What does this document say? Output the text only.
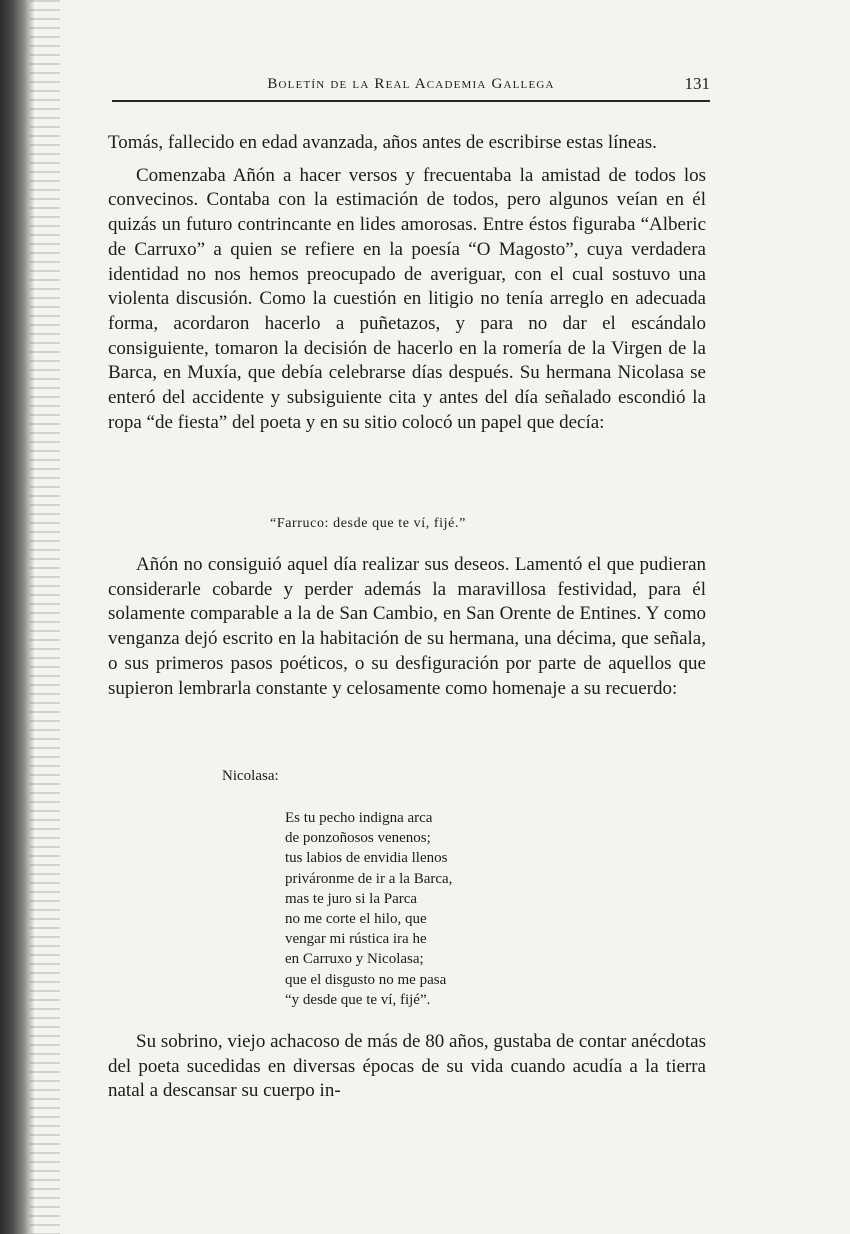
Boletín de la Real Academia Gallega	131

Tomás, fallecido en edad avanzada, años antes de escribirse estas líneas.

Comenzaba Añón a hacer versos y frecuentaba la amistad de todos los convecinos. Contaba con la estimación de todos, pero algunos veían en él quizás un futuro contrincante en lides amorosas. Entre éstos figuraba “Alberic de Carruxo” a quien se refiere en la poesía “O Magosto”, cuya verdadera identidad no nos hemos preocupado de averiguar, con el cual sostuvo una violenta discusión. Como la cuestión en litigio no tenía arreglo en adecuada forma, acordaron hacerlo a puñetazos, y para no dar el escándalo consiguiente, tomaron la decisión de hacerlo en la romería de la Virgen de la Barca, en Muxía, que debía celebrarse días después. Su hermana Nicolasa se enteró del accidente y subsiguiente cita y antes del día señalado escondió la ropa “de fiesta” del poeta y en su sitio colocó un papel que decía:

“Farruco: desde que te ví, fijé.”

Añón no consiguió aquel día realizar sus deseos. Lamentó el que pudieran considerarle cobarde y perder además la maravillosa festividad, para él solamente comparable a la de San Cambio, en San Orente de Entines. Y como venganza dejó escrito en la habitación de su hermana, una décima, que señala, o sus primeros pasos poéticos, o su desfiguración por parte de aquellos que supieron lembrarla constante y celosamente como homenaje a su recuerdo:

Nicolasa:
Es tu pecho indigna arca
de ponzoñosos venenos;
tus labios de envidia llenos
priváronme de ir a la Barca,
mas te juro si la Parca
no me corte el hilo, que
vengar mi rústica ira he
en Carruxo y Nicolasa;
que el disgusto no me pasa
“y desde que te ví, fijé”.

Su sobrino, viejo achacoso de más de 80 años, gustaba de contar anécdotas del poeta sucedidas en diversas épocas de su vida cuando acudía a la tierra natal a descansar su cuerpo in-
